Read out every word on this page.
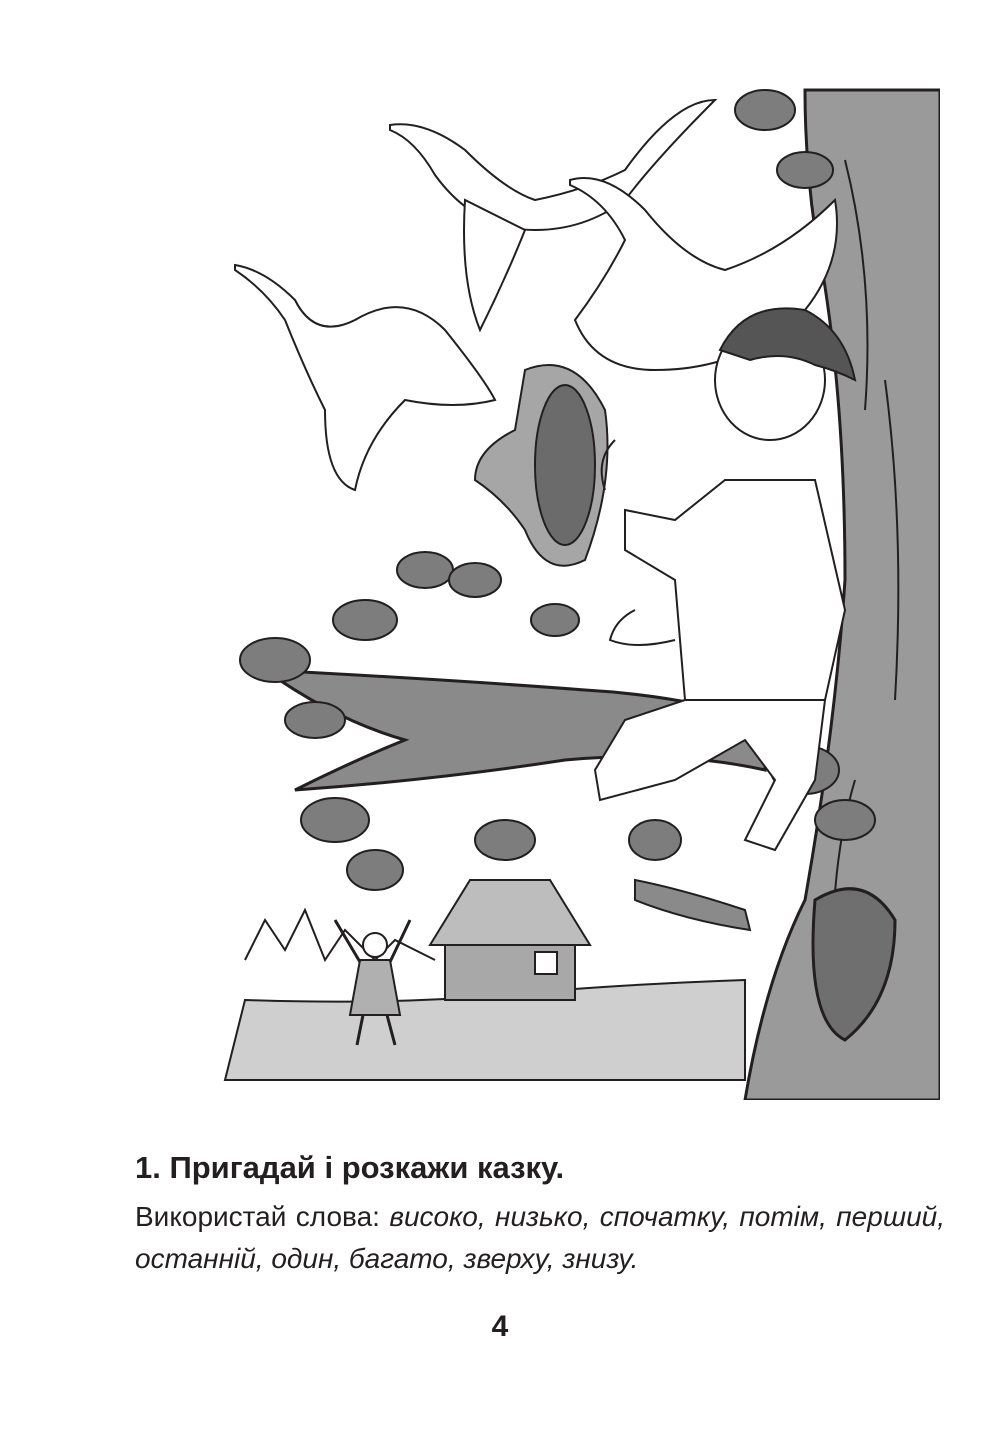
1. Пригадай і розкажи казку.

Використай слова: високо, низько, спочатку, потім, перший, останній, один, багато, зверху, знизу.

4
